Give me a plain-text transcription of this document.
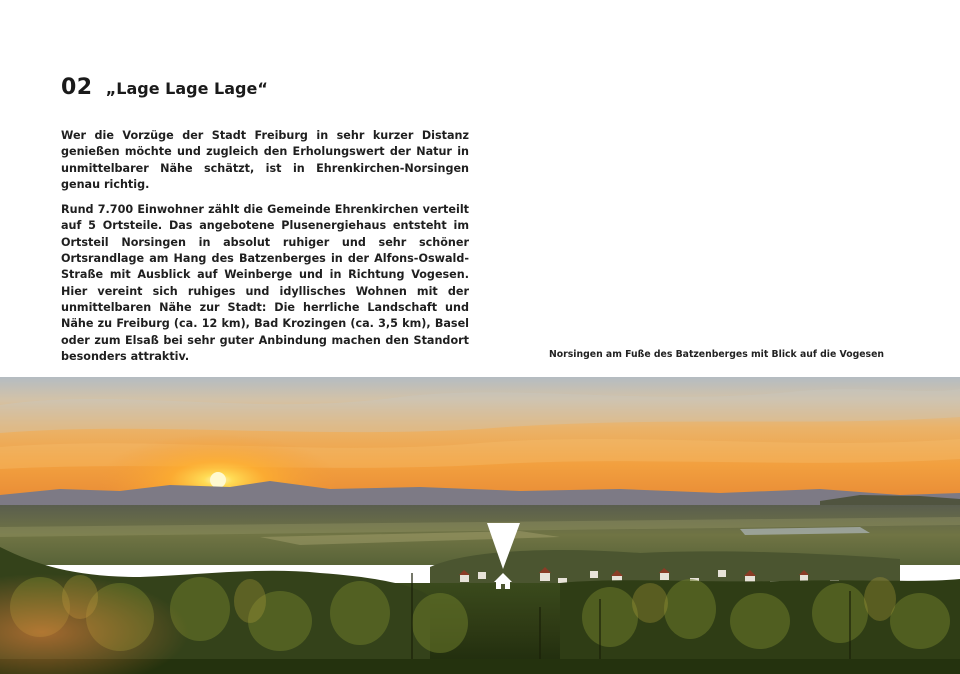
02 „Lage Lage Lage“

Wer die Vorzüge der Stadt Freiburg in sehr kurzer Distanz genießen möchte und zugleich den Erholungswert der Natur in unmittelbarer Nähe schätzt, ist in Ehrenkirchen-Norsingen genau richtig.

Rund 7.700 Einwohner zählt die Gemeinde Ehrenkirchen verteilt auf 5 Ortsteile. Das angebotene Plusenergiehaus entsteht im Ortsteil Norsingen in absolut ruhiger und sehr schöner Ortsrandlage am Hang des Batzenberges in der Alfons-Oswald-Straße mit Ausblick auf Weinberge und in Richtung Vogesen. Hier vereint sich ruhiges und idyllisches Wohnen mit der unmittelbaren Nähe zur Stadt: Die herrliche Landschaft und Nähe zu Freiburg (ca. 12 km), Bad Krozingen (ca. 3,5 km), Basel oder zum Elsaß bei sehr guter Anbindung machen den Standort besonders attraktiv.	Norsingen am Fuße des Batzenberges mit Blick auf die Vogesen
